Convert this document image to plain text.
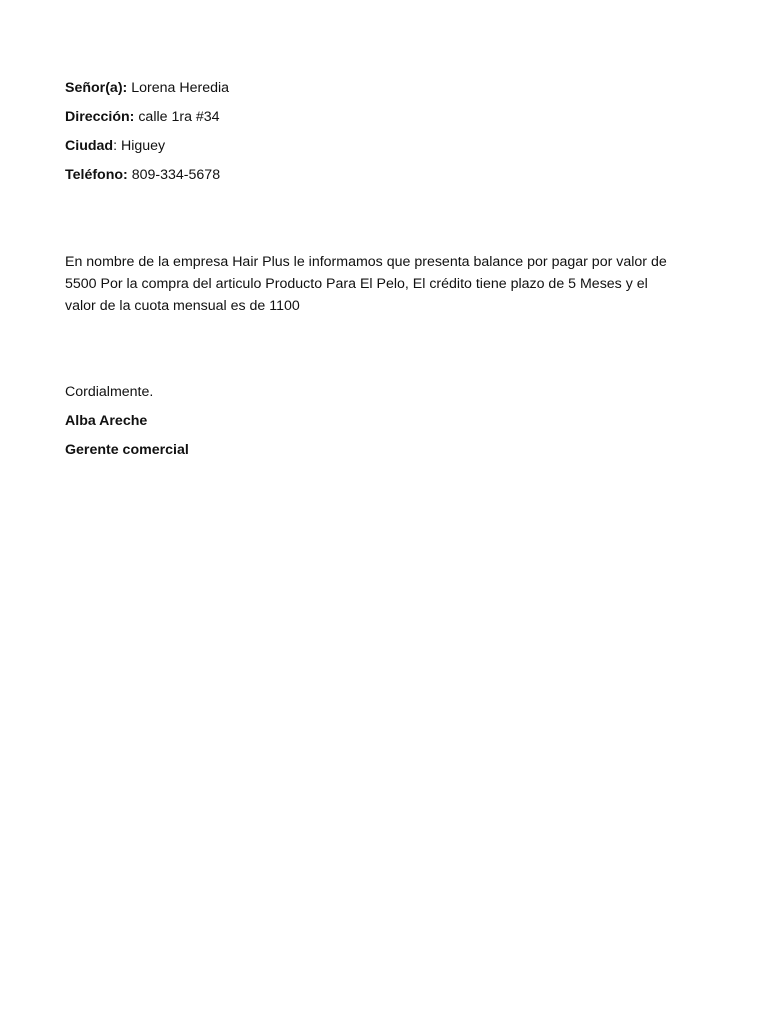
Señor(a): Lorena Heredia
Dirección: calle 1ra #34
Ciudad: Higuey
Teléfono: 809-334-5678
En nombre de la empresa Hair Plus le informamos que presenta balance por pagar por valor de
5500 Por la compra del articulo Producto Para El Pelo, El crédito tiene plazo de 5 Meses y el
valor de la cuota mensual es de 1100
Cordialmente.
Alba Areche
Gerente comercial
